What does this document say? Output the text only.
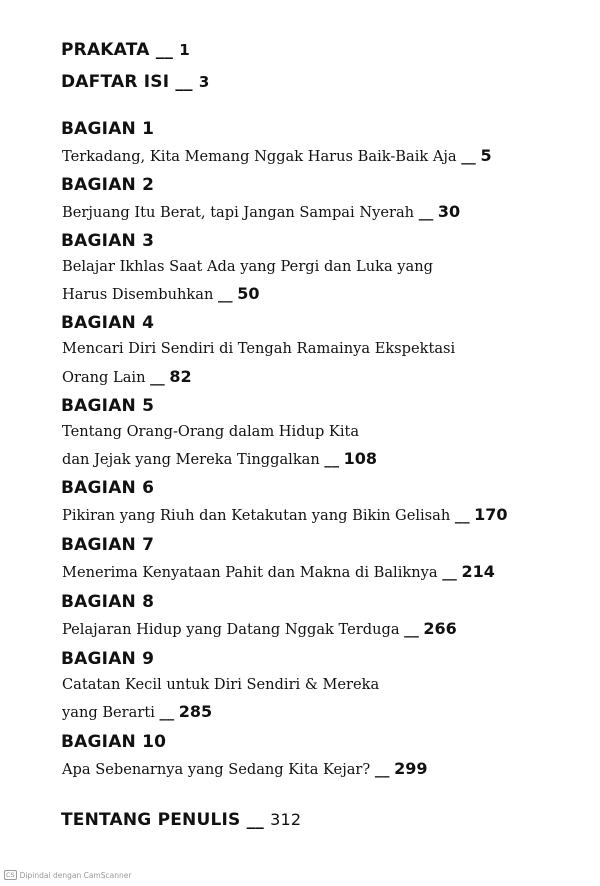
PRAKATA __ 1

DAFTAR ISI __ 3

BAGIAN 1

Terkadang, Kita Memang Nggak Harus Baik-Baik Aja __ 5

BAGIAN 2

Berjuang Itu Berat, tapi Jangan Sampai Nyerah __ 30

BAGIAN 3

Belajar Ikhlas Saat Ada yang Pergi dan Luka yang

Harus Disembuhkan __ 50

BAGIAN 4

Mencari Diri Sendiri di Tengah Ramainya Ekspektasi

Orang Lain __ 82

BAGIAN 5

Tentang Orang-Orang dalam Hidup Kita

dan Jejak yang Mereka Tinggalkan __ 108

BAGIAN 6

Pikiran yang Riuh dan Ketakutan yang Bikin Gelisah __ 170

BAGIAN 7

Menerima Kenyataan Pahit dan Makna di Baliknya __ 214

BAGIAN 8

Pelajaran Hidup yang Datang Nggak Terduga __ 266

BAGIAN 9

Catatan Kecil untuk Diri Sendiri & Mereka

yang Berarti __ 285

BAGIAN 10

Apa Sebenarnya yang Sedang Kita Kejar? __ 299

TENTANG PENULIS __ 312

CS Dipindai dengan CamScanner
